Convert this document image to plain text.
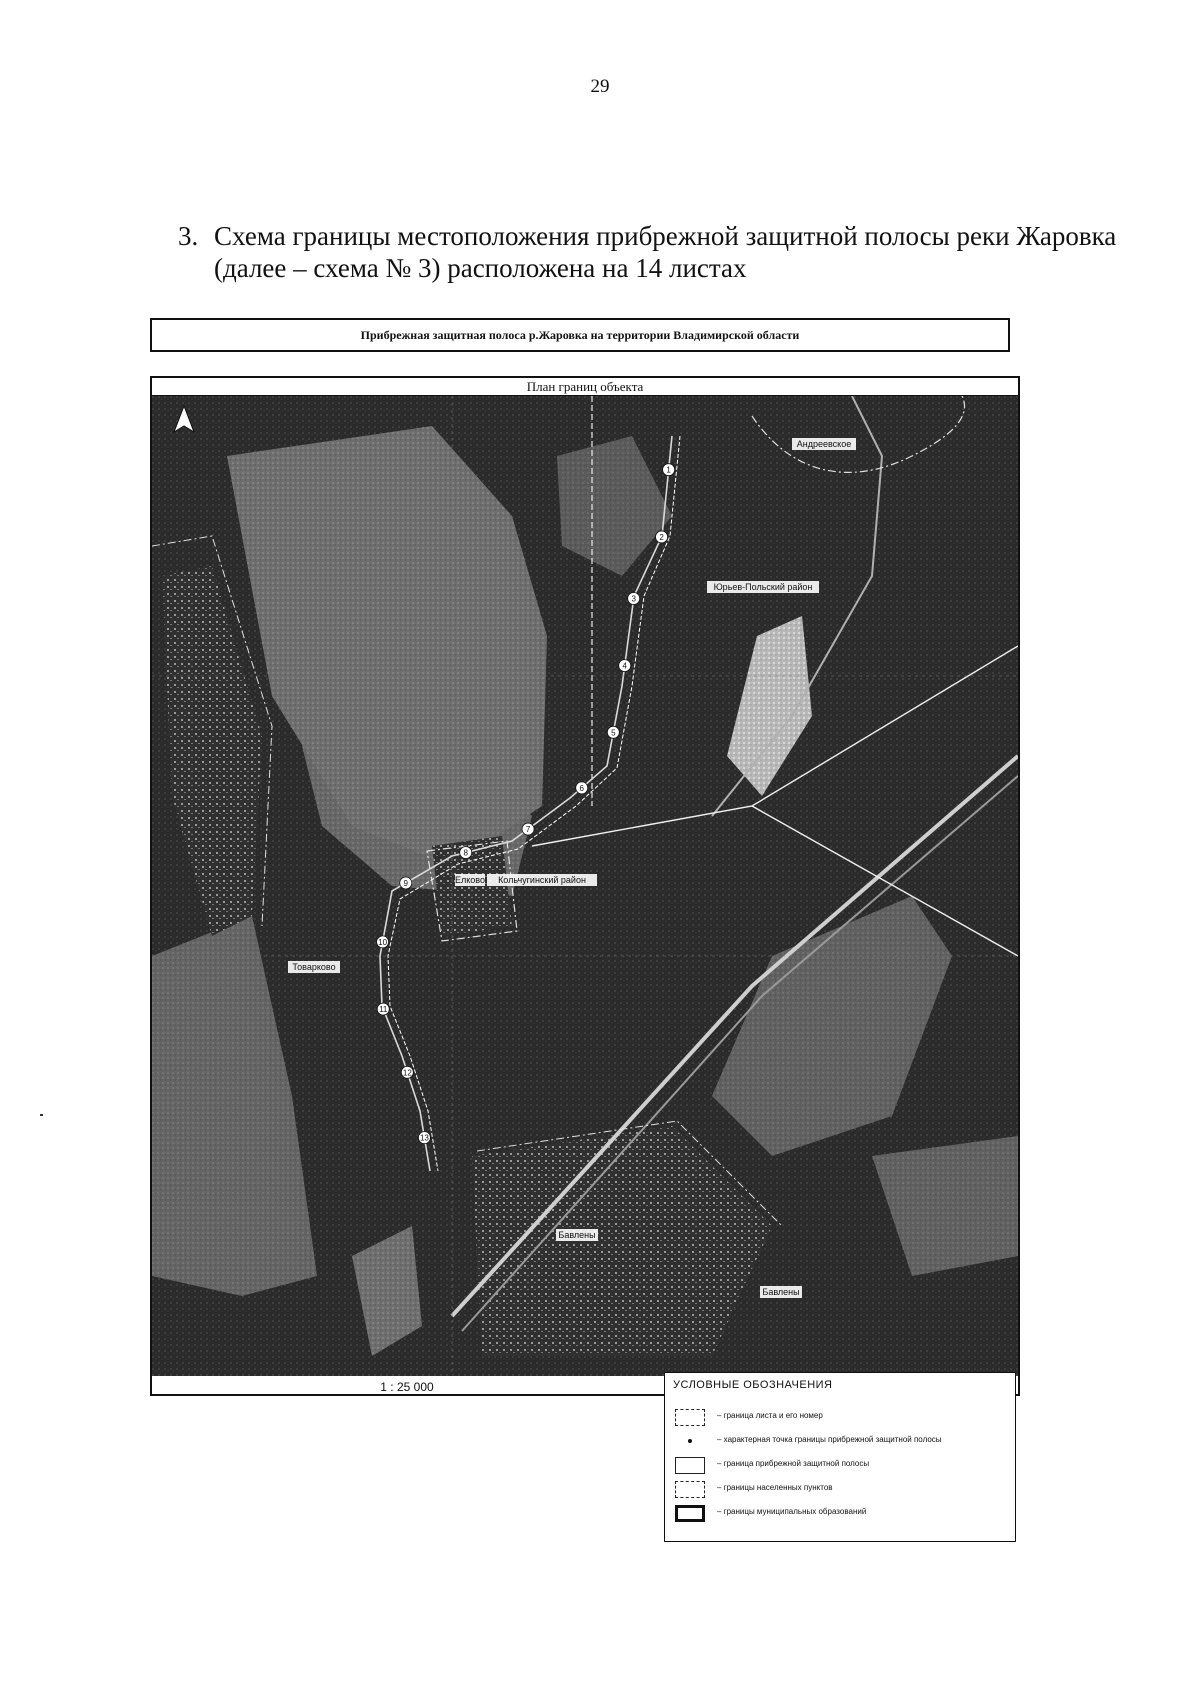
29
3. Схема границы местоположения прибрежной защитной полосы реки Жаровка
(далее – схема № 3) расположена на 14 листах
Прибрежная защитная полоса р.Жаровка на территории Владимирской области
План границ объекта
Андреевское
Юрьев-Польский район
Кольчугинский район
Елково
Товарково
Бавлены
Бавлены
1
2
3
4
5
6
7
8
9
10
11
12
13
1 : 25 000	УСЛОВНЫЕ ОБОЗНАЧЕНИЯ
– граница листа и его номер
– характерная точка границы прибрежной защитной полосы
– граница прибрежной защитной полосы
– границы населенных пунктов
– границы муниципальных образований
